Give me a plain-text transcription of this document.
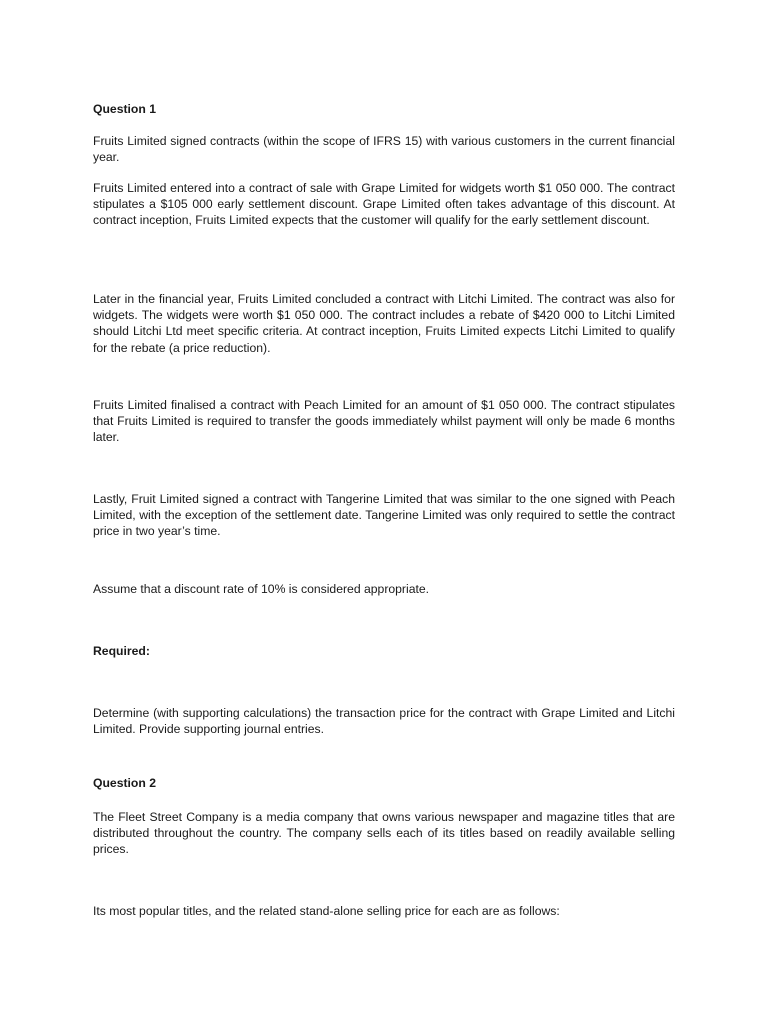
Question 1

Fruits Limited signed contracts (within the scope of IFRS 15) with various customers in the current financial year.

Fruits Limited entered into a contract of sale with Grape Limited for widgets worth $1 050 000. The contract stipulates a $105 000 early settlement discount. Grape Limited often takes advantage of this discount. At contract inception, Fruits Limited expects that the customer will qualify for the early settlement discount.

Later in the financial year, Fruits Limited concluded a contract with Litchi Limited. The contract was also for widgets. The widgets were worth $1 050 000. The contract includes a rebate of $420 000 to Litchi Limited should Litchi Ltd meet specific criteria. At contract inception, Fruits Limited expects Litchi Limited to qualify for the rebate (a price reduction).

Fruits Limited finalised a contract with Peach Limited for an amount of $1 050 000. The contract stipulates that Fruits Limited is required to transfer the goods immediately whilst payment will only be made 6 months later.

Lastly, Fruit Limited signed a contract with Tangerine Limited that was similar to the one signed with Peach Limited, with the exception of the settlement date. Tangerine Limited was only required to settle the contract price in two year’s time.

Assume that a discount rate of 10% is considered appropriate.

Required:

Determine (with supporting calculations) the transaction price for the contract with Grape Limited and Litchi Limited. Provide supporting journal entries.

Question 2

The Fleet Street Company is a media company that owns various newspaper and magazine titles that are distributed throughout the country. The company sells each of its titles based on readily available selling prices.

Its most popular titles, and the related stand-alone selling price for each are as follows:
